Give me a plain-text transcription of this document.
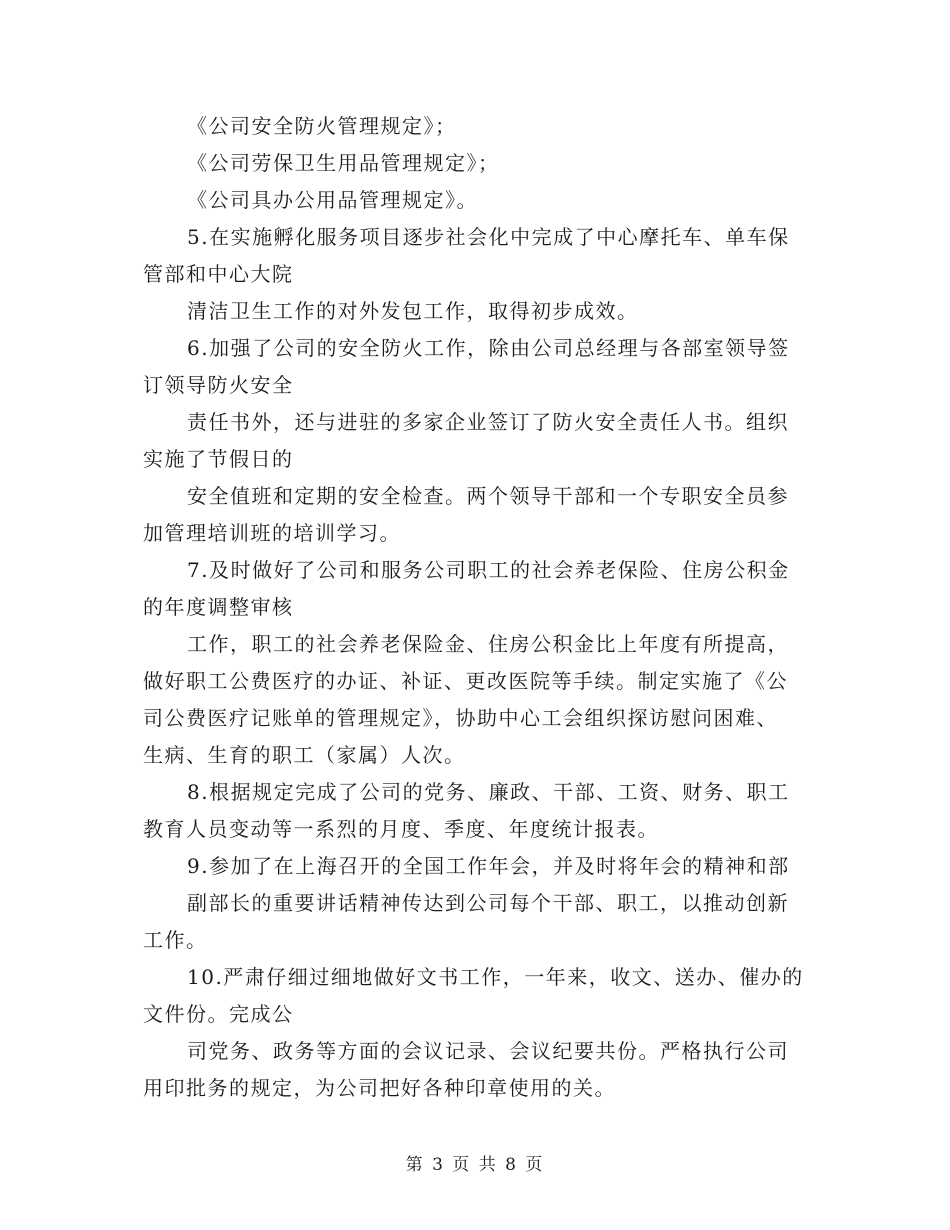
《公司安全防火管理规定》；
《公司劳保卫生用品管理规定》；
《公司具办公用品管理规定》。
5.在实施孵化服务项目逐步社会化中完成了中心摩托车、单车保
管部和中心大院
清洁卫生工作的对外发包工作，取得初步成效。
6.加强了公司的安全防火工作，除由公司总经理与各部室领导签
订领导防火安全
责任书外，还与进驻的多家企业签订了防火安全责任人书。组织
实施了节假日的
安全值班和定期的安全检查。两个领导干部和一个专职安全员参
加管理培训班的培训学习。
7.及时做好了公司和服务公司职工的社会养老保险、住房公积金
的年度调整审核
工作，职工的社会养老保险金、住房公积金比上年度有所提高，
做好职工公费医疗的办证、补证、更改医院等手续。制定实施了《公
司公费医疗记账单的管理规定》，协助中心工会组织探访慰问困难、
生病、生育的职工（家属）人次。
8.根据规定完成了公司的党务、廉政、干部、工资、财务、职工
教育人员变动等一系烈的月度、季度、年度统计报表。
9.参加了在上海召开的全国工作年会，并及时将年会的精神和部
副部长的重要讲话精神传达到公司每个干部、职工，以推动创新
工作。
10.严肃仔细过细地做好文书工作，一年来，收文、送办、催办的
文件份。完成公
司党务、政务等方面的会议记录、会议纪要共份。严格执行公司
用印批务的规定，为公司把好各种印章使用的关。
第 3 页 共 8 页
